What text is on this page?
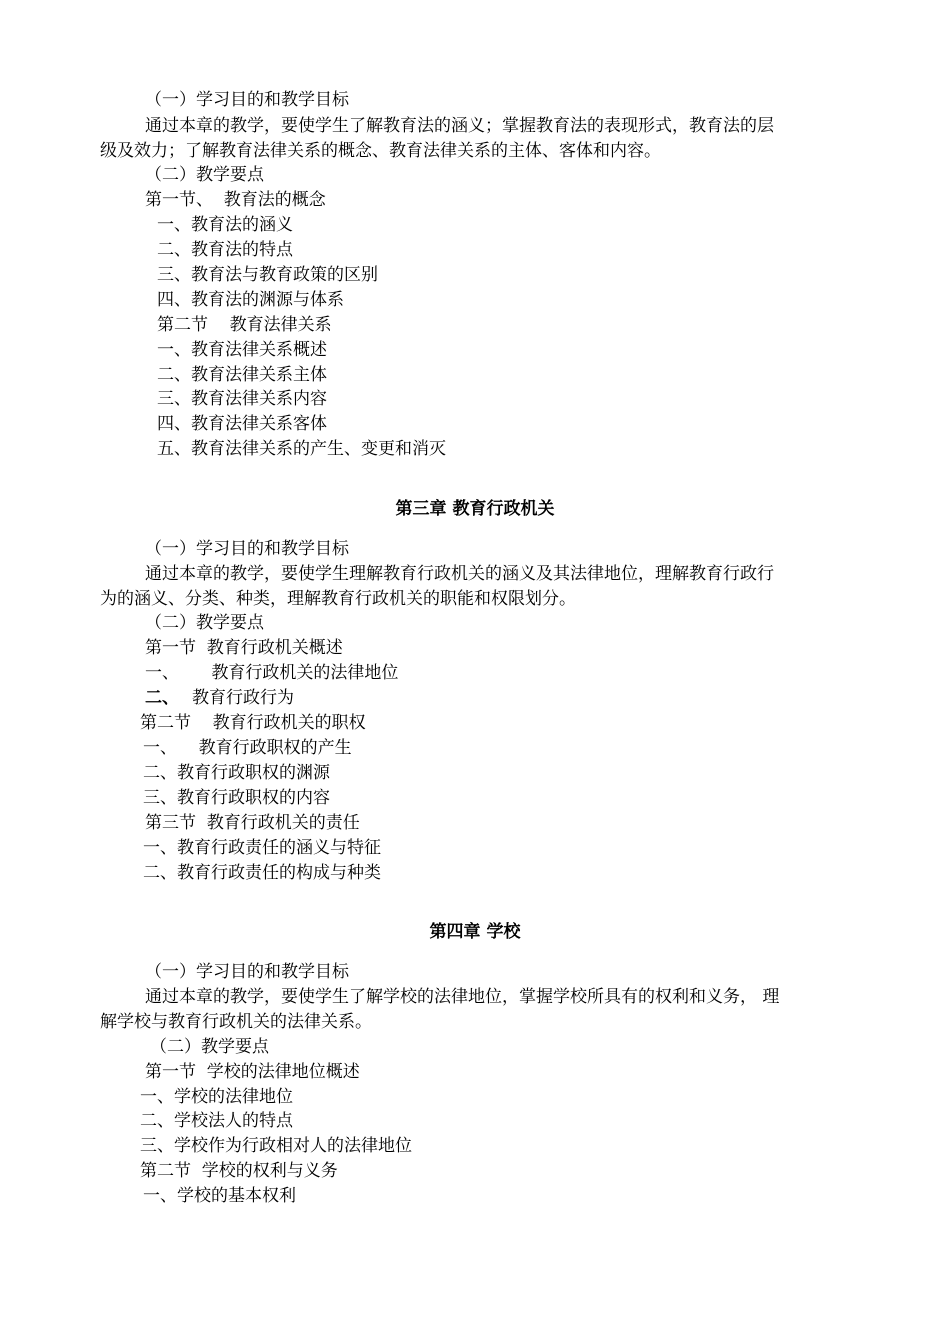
（一）学习目的和教学目标
通过本章的教学，要使学生了解教育法的涵义；掌握教育法的表现形式，教育法的层
级及效力；了解教育法律关系的概念、教育法律关系的主体、客体和内容。
（二）教学要点
第一节、  教育法的概念
一、教育法的涵义
二、教育法的特点
三、教育法与教育政策的区别
四、教育法的渊源与体系
第二节    教育法律关系
一、教育法律关系概述
二、教育法律关系主体
三、教育法律关系内容
四、教育法律关系客体
五、教育法律关系的产生、变更和消灭
第三章 教育行政机关
（一）学习目的和教学目标
通过本章的教学，要使学生理解教育行政机关的涵义及其法律地位，理解教育行政行
为的涵义、分类、种类，理解教育行政机关的职能和权限划分。
（二）教学要点
第一节  教育行政机关概述
一、      教育行政机关的法律地位
二、 教育行政行为
第二节    教育行政机关的职权
一、    教育行政职权的产生
二、教育行政职权的渊源
三、教育行政职权的内容
第三节  教育行政机关的责任
一、教育行政责任的涵义与特征
二、教育行政责任的构成与种类
第四章 学校
（一）学习目的和教学目标
通过本章的教学，要使学生了解学校的法律地位，掌握学校所具有的权利和义务， 理
解学校与教育行政机关的法律关系。
（二）教学要点
第一节  学校的法律地位概述
一、学校的法律地位
二、学校法人的特点
三、学校作为行政相对人的法律地位
第二节  学校的权利与义务
一、学校的基本权利
